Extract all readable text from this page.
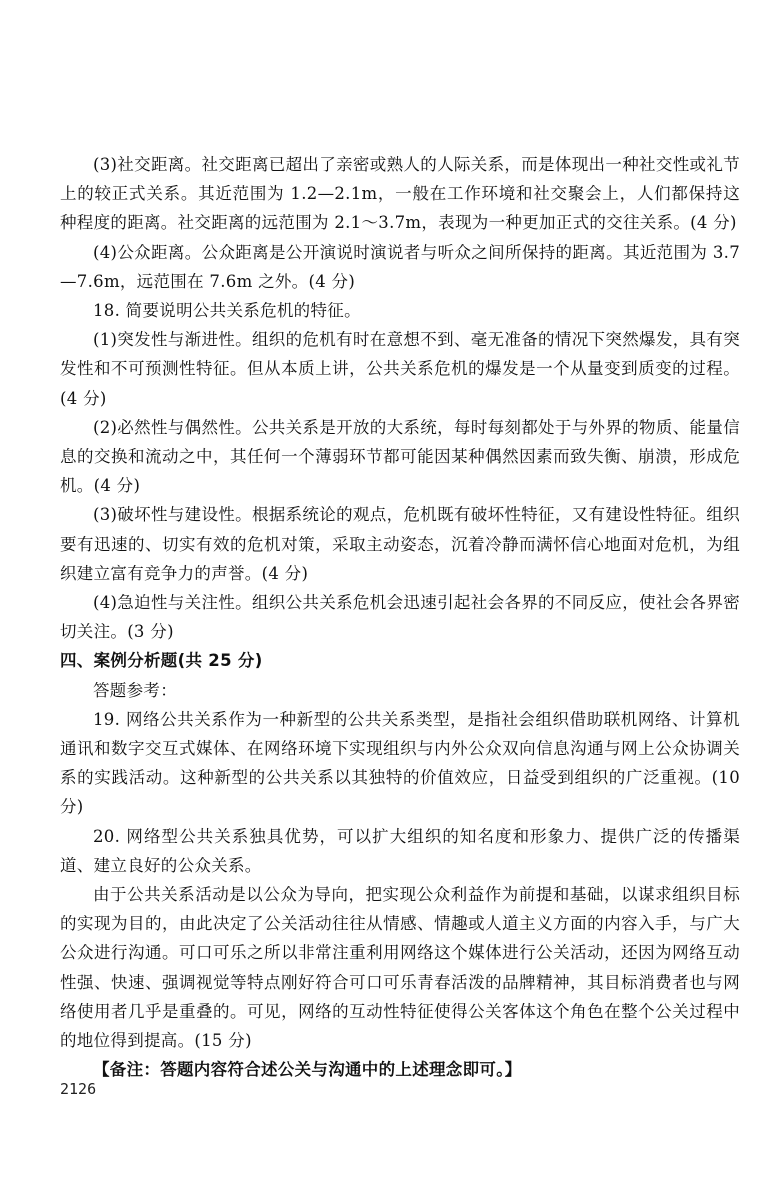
(3)社交距离。社交距离已超出了亲密或熟人的人际关系，而是体现出一种社交性或礼节上的较正式关系。其近范围为 1.2—2.1m，一般在工作环境和社交聚会上，人们都保持这种程度的距离。社交距离的远范围为 2.1～3.7m，表现为一种更加正式的交往关系。(4 分)

(4)公众距离。公众距离是公开演说时演说者与听众之间所保持的距离。其近范围为 3.7—7.6m，远范围在 7.6m 之外。(4 分)

18. 简要说明公共关系危机的特征。

(1)突发性与渐进性。组织的危机有时在意想不到、毫无准备的情况下突然爆发，具有突发性和不可预测性特征。但从本质上讲，公共关系危机的爆发是一个从量变到质变的过程。(4 分)

(2)必然性与偶然性。公共关系是开放的大系统，每时每刻都处于与外界的物质、能量信息的交换和流动之中，其任何一个薄弱环节都可能因某种偶然因素而致失衡、崩溃，形成危机。(4 分)

(3)破坏性与建设性。根据系统论的观点，危机既有破坏性特征，又有建设性特征。组织要有迅速的、切实有效的危机对策，采取主动姿态，沉着冷静而满怀信心地面对危机，为组织建立富有竞争力的声誉。(4 分)

(4)急迫性与关注性。组织公共关系危机会迅速引起社会各界的不同反应，使社会各界密切关注。(3 分)

四、案例分析题(共 25 分)

答题参考：

19. 网络公共关系作为一种新型的公共关系类型，是指社会组织借助联机网络、计算机通讯和数字交互式媒体、在网络环境下实现组织与内外公众双向信息沟通与网上公众协调关系的实践活动。这种新型的公共关系以其独特的价值效应，日益受到组织的广泛重视。(10 分)

20. 网络型公共关系独具优势，可以扩大组织的知名度和形象力、提供广泛的传播渠道、建立良好的公众关系。

由于公共关系活动是以公众为导向，把实现公众利益作为前提和基础，以谋求组织目标的实现为目的，由此决定了公关活动往往从情感、情趣或人道主义方面的内容入手，与广大公众进行沟通。可口可乐之所以非常注重利用网络这个媒体进行公关活动，还因为网络互动性强、快速、强调视觉等特点刚好符合可口可乐青春活泼的品牌精神，其目标消费者也与网络使用者几乎是重叠的。可见，网络的互动性特征使得公关客体这个角色在整个公关过程中的地位得到提高。(15 分)

【备注：答题内容符合述公关与沟通中的上述理念即可。】

2126
